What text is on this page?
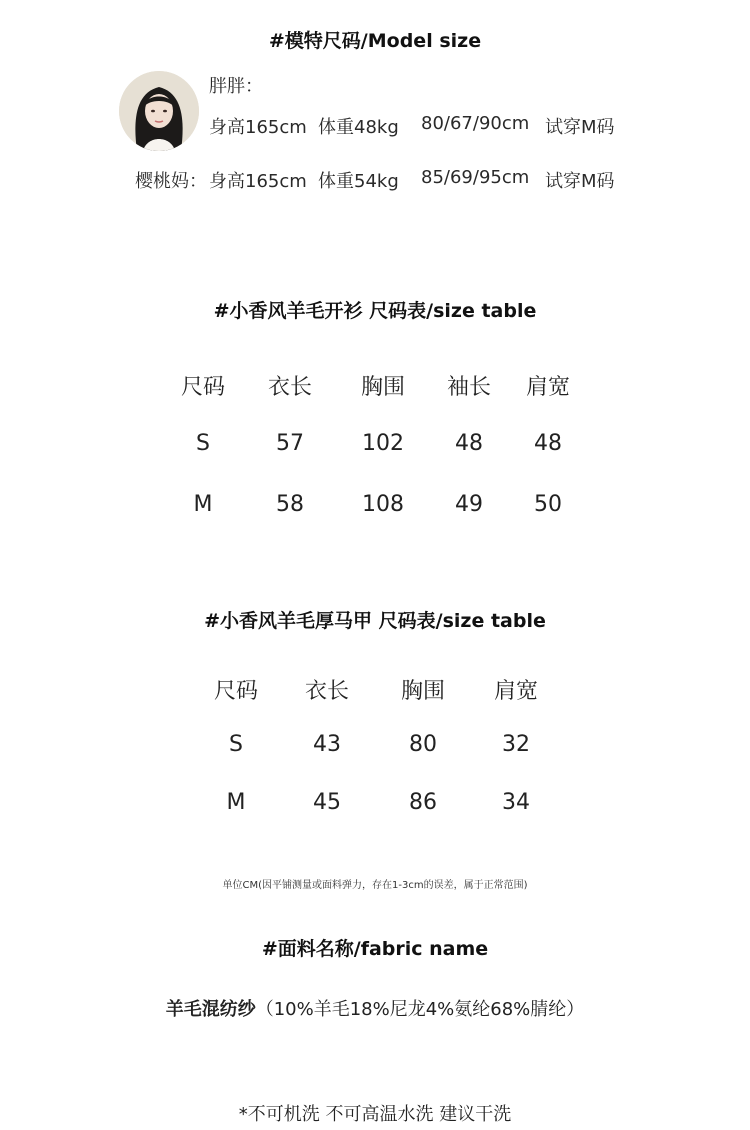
#模特尺码/Model size
胖胖：
身高165cm 体重48kg 80/67/90cm 试穿M码
樱桃妈： 身高165cm 体重54kg 85/69/95cm 试穿M码
#小香风羊毛开衫 尺码表/size table
尺码	衣长	胸围	袖长	肩宽
S	57	102	48	48
M	58	108	49	50
#小香风羊毛厚马甲 尺码表/size table
尺码	衣长	胸围	肩宽
S	43	80	32
M	45	86	34
单位CM(因平铺测量或面料弹力，存在1-3cm的误差，属于正常范围)
#面料名称/fabric name
羊毛混纺纱（10%羊毛18%尼龙4%氨纶68%腈纶）
*不可机洗 不可高温水洗 建议干洗
